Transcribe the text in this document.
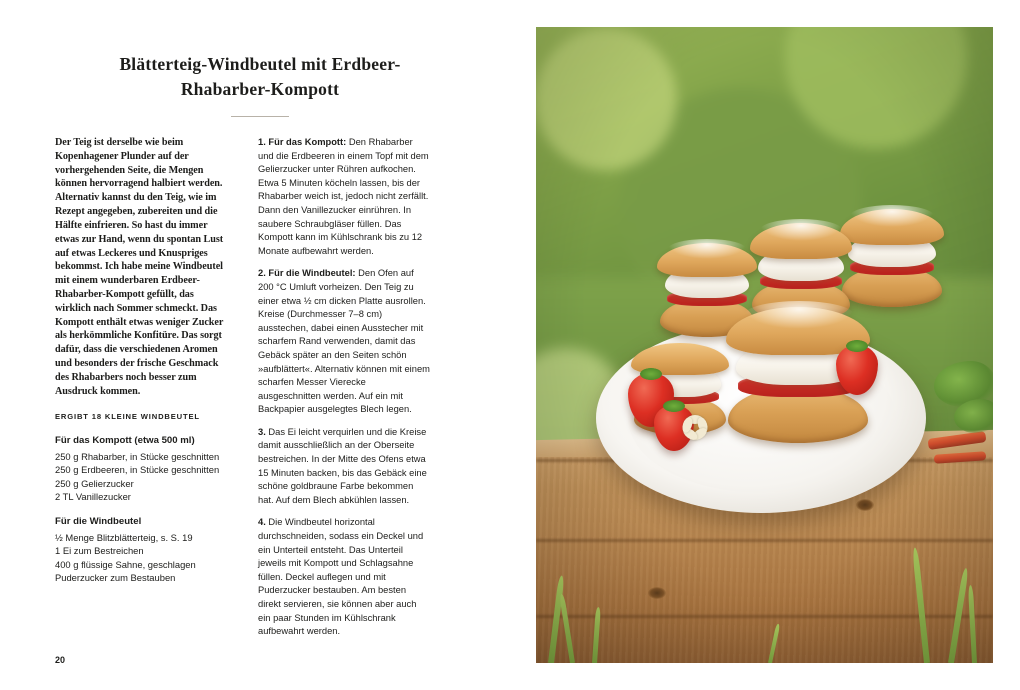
Blätterteig-Windbeutel mit Erdbeer-
Rhabarber-Kompott

Der Teig ist derselbe wie beim Kopenhagener Plunder auf der vorhergehenden Seite, die Mengen können hervorragend halbiert werden. Alternativ kannst du den Teig, wie im Rezept angegeben, zubereiten und die Hälfte einfrieren. So hast du immer etwas zur Hand, wenn du spontan Lust auf etwas Leckeres und Knuspriges bekommst. Ich habe meine Windbeutel mit einem wunderbaren Erdbeer-Rhabarber-Kompott gefüllt, das wirklich nach Sommer schmeckt. Das Kompott enthält etwas weniger Zucker als herkömmliche Konfitüre. Das sorgt dafür, dass die verschiedenen Aromen und besonders der frische Geschmack des Rhabarbers noch besser zum Ausdruck kommen.

ERGIBT 18 KLEINE WINDBEUTEL

Für das Kompott (etwa 500 ml)

250 g Rhabarber, in Stücke geschnitten
250 g Erdbeeren, in Stücke geschnitten
250 g Gelierzucker
2 TL Vanillezucker

Für die Windbeutel

½ Menge Blitzblätterteig, s. S. 19
1 Ei zum Bestreichen
400 g flüssige Sahne, geschlagen
Puderzucker zum Bestauben

1. Für das Kompott: Den Rhabarber und die Erdbeeren in einem Topf mit dem Gelierzucker unter Rühren aufkochen. Etwa 5 Minuten köcheln lassen, bis der Rhabarber weich ist, jedoch nicht zerfällt. Dann den Vanillezucker einrühren. In saubere Schraubgläser füllen. Das Kompott kann im Kühlschrank bis zu 12 Monate aufbewahrt werden.

2. Für die Windbeutel: Den Ofen auf 200 °C Umluft vorheizen. Den Teig zu einer etwa ½ cm dicken Platte ausrollen. Kreise (Durchmesser 7–8 cm) ausstechen, dabei einen Ausstecher mit scharfem Rand verwenden, damit das Gebäck später an den Seiten schön »aufblättert«. Alternativ können mit einem scharfen Messer Vierecke ausgeschnitten werden. Auf ein mit Backpapier ausgelegtes Blech legen.

3. Das Ei leicht verquirlen und die Kreise damit ausschließlich an der Oberseite bestreichen. In der Mitte des Ofens etwa 15 Minuten backen, bis das Gebäck eine schöne goldbraune Farbe bekommen hat. Auf dem Blech abkühlen lassen.

4. Die Windbeutel horizontal durchschneiden, sodass ein Deckel und ein Unterteil entsteht. Das Unterteil jeweils mit Kompott und Schlagsahne füllen. Deckel auflegen und mit Puderzucker bestauben. Am besten direkt servieren, sie können aber auch ein paar Stunden im Kühlschrank aufbewahrt werden.

20
